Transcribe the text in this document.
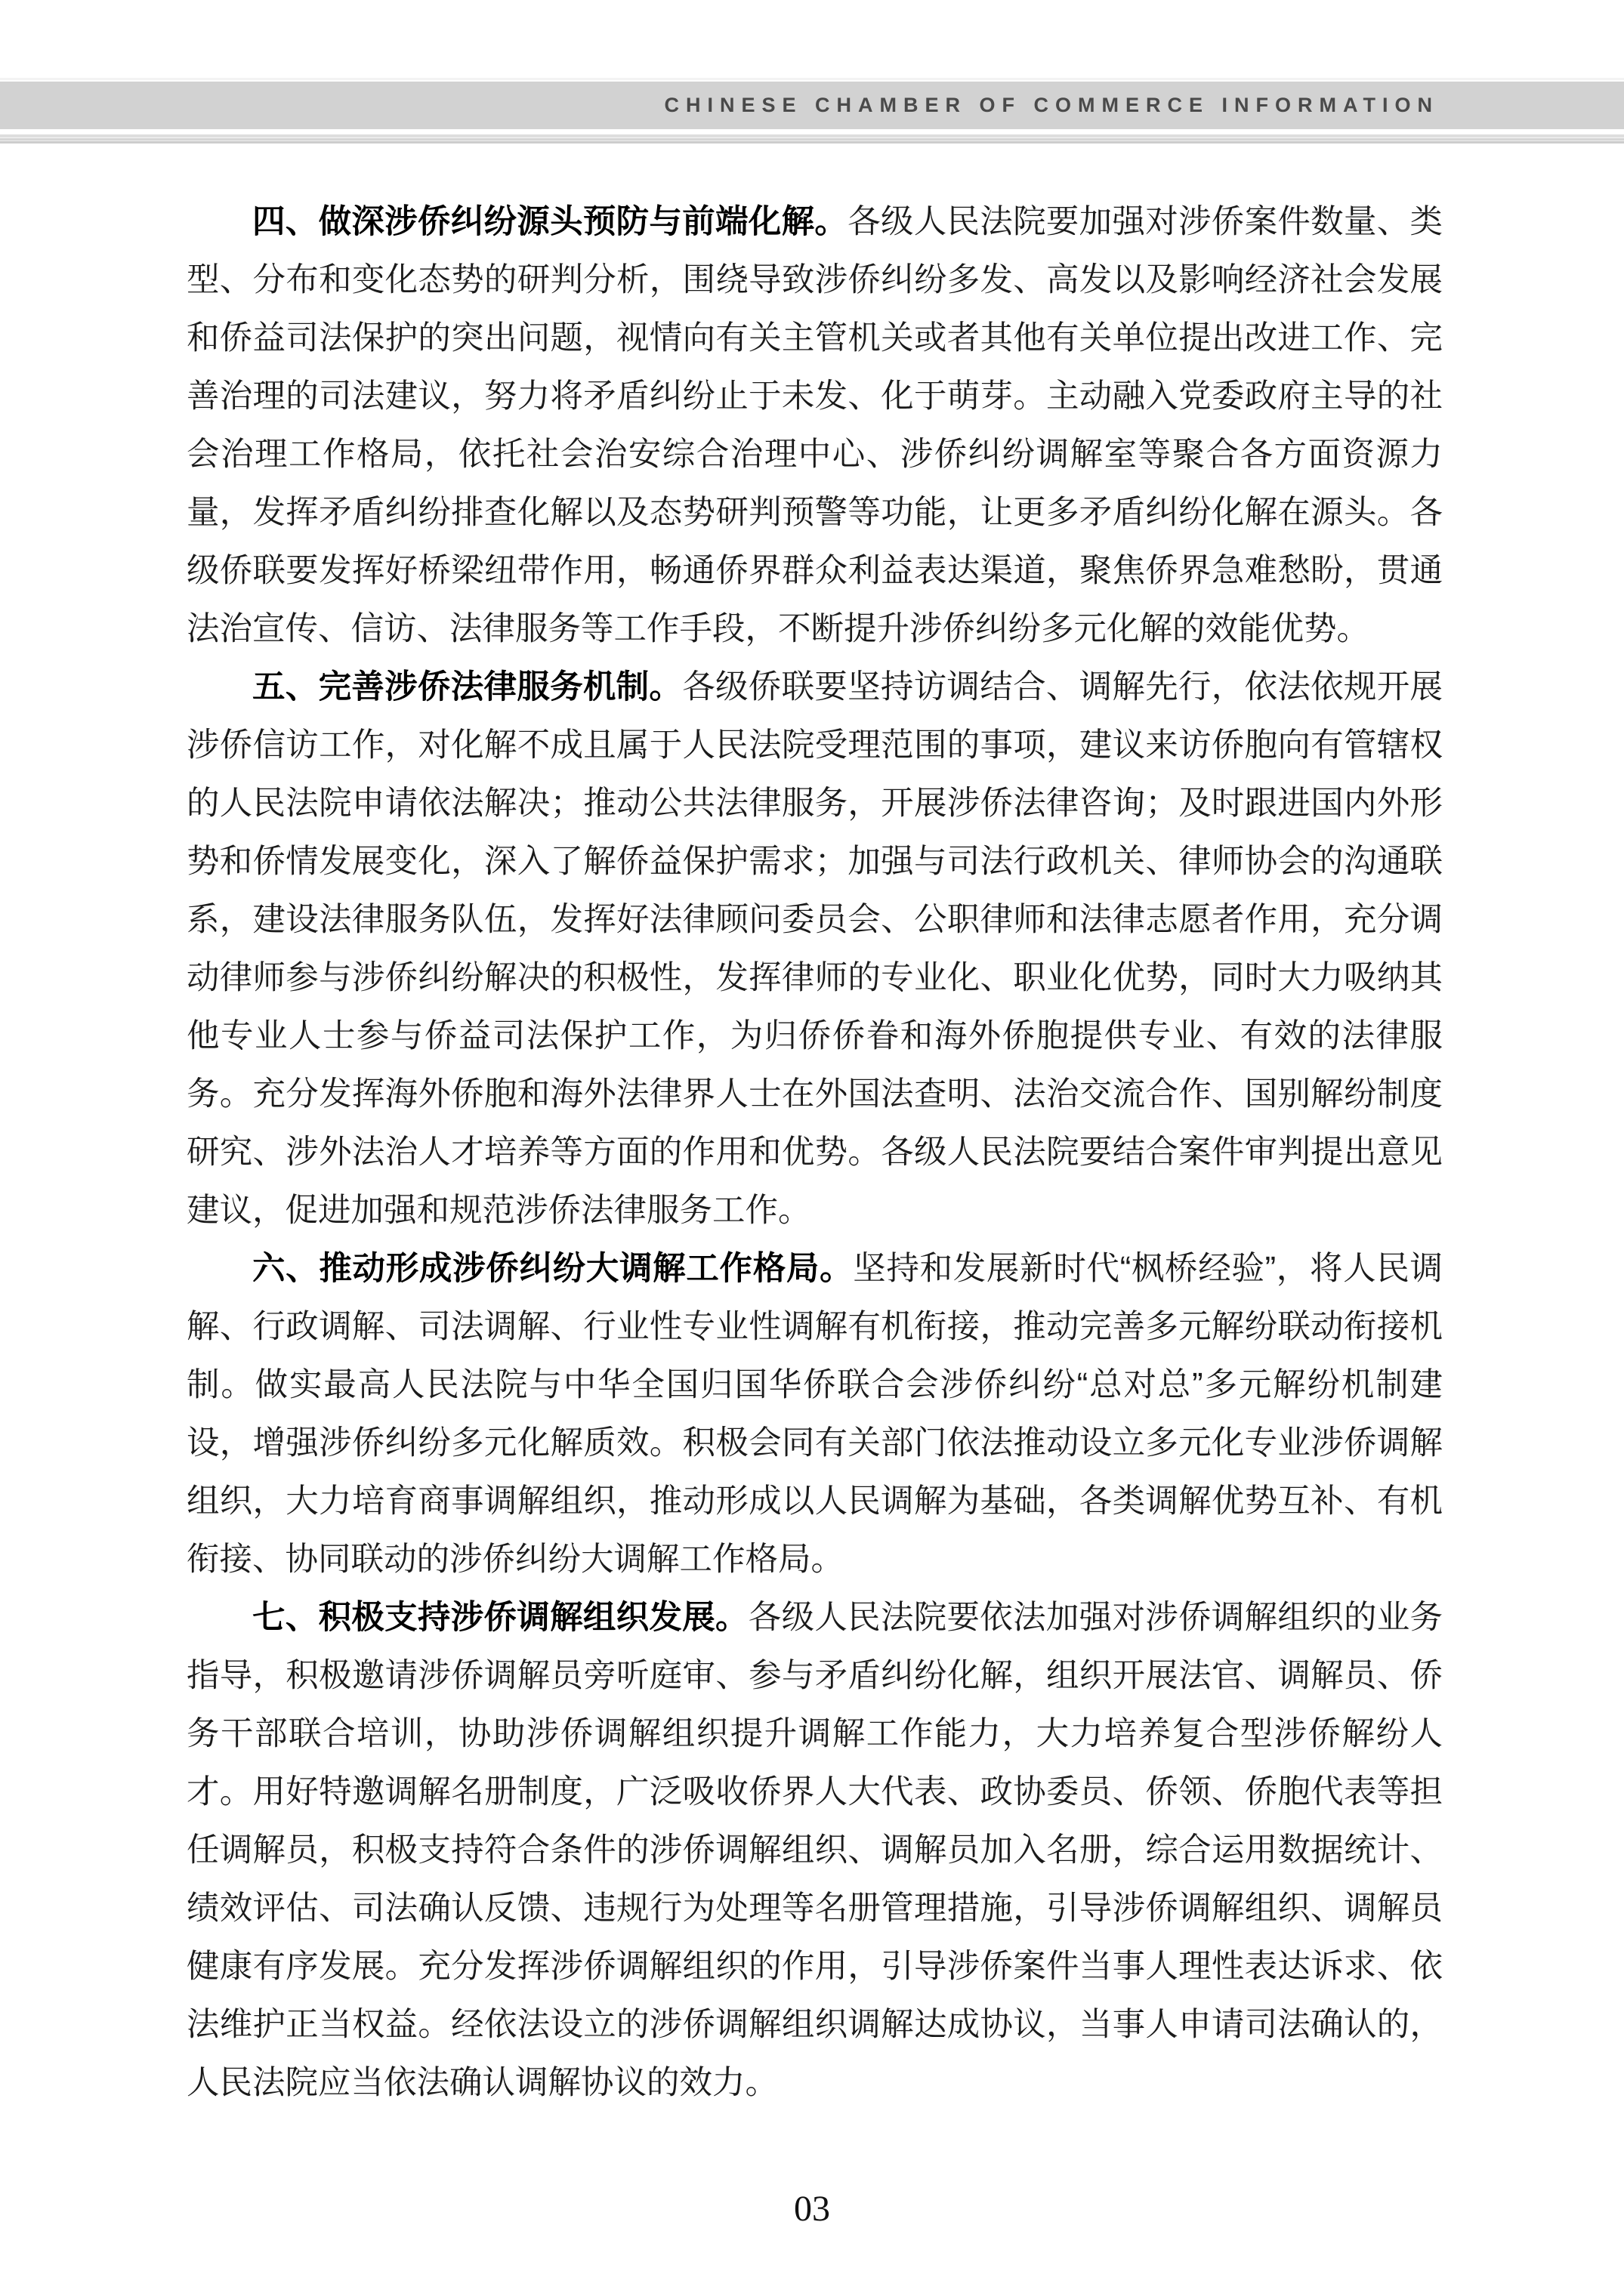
CHINESE CHAMBER OF COMMERCE INFORMATION

四、做深涉侨纠纷源头预防与前端化解。各级人民法院要加强对涉侨案件数量、类型、分布和变化态势的研判分析，围绕导致涉侨纠纷多发、高发以及影响经济社会发展和侨益司法保护的突出问题，视情向有关主管机关或者其他有关单位提出改进工作、完善治理的司法建议，努力将矛盾纠纷止于未发、化于萌芽。主动融入党委政府主导的社会治理工作格局，依托社会治安综合治理中心、涉侨纠纷调解室等聚合各方面资源力量，发挥矛盾纠纷排查化解以及态势研判预警等功能，让更多矛盾纠纷化解在源头。各级侨联要发挥好桥梁纽带作用，畅通侨界群众利益表达渠道，聚焦侨界急难愁盼，贯通法治宣传、信访、法律服务等工作手段，不断提升涉侨纠纷多元化解的效能优势。

五、完善涉侨法律服务机制。各级侨联要坚持访调结合、调解先行，依法依规开展涉侨信访工作，对化解不成且属于人民法院受理范围的事项，建议来访侨胞向有管辖权的人民法院申请依法解决；推动公共法律服务，开展涉侨法律咨询；及时跟进国内外形势和侨情发展变化，深入了解侨益保护需求；加强与司法行政机关、律师协会的沟通联系，建设法律服务队伍，发挥好法律顾问委员会、公职律师和法律志愿者作用，充分调动律师参与涉侨纠纷解决的积极性，发挥律师的专业化、职业化优势，同时大力吸纳其他专业人士参与侨益司法保护工作，为归侨侨眷和海外侨胞提供专业、有效的法律服务。充分发挥海外侨胞和海外法律界人士在外国法查明、法治交流合作、国别解纷制度研究、涉外法治人才培养等方面的作用和优势。各级人民法院要结合案件审判提出意见建议，促进加强和规范涉侨法律服务工作。

六、推动形成涉侨纠纷大调解工作格局。坚持和发展新时代“枫桥经验”，将人民调解、行政调解、司法调解、行业性专业性调解有机衔接，推动完善多元解纷联动衔接机制。做实最高人民法院与中华全国归国华侨联合会涉侨纠纷“总对总”多元解纷机制建设，增强涉侨纠纷多元化解质效。积极会同有关部门依法推动设立多元化专业涉侨调解组织，大力培育商事调解组织，推动形成以人民调解为基础，各类调解优势互补、有机衔接、协同联动的涉侨纠纷大调解工作格局。

七、积极支持涉侨调解组织发展。各级人民法院要依法加强对涉侨调解组织的业务指导，积极邀请涉侨调解员旁听庭审、参与矛盾纠纷化解，组织开展法官、调解员、侨务干部联合培训，协助涉侨调解组织提升调解工作能力，大力培养复合型涉侨解纷人才。用好特邀调解名册制度，广泛吸收侨界人大代表、政协委员、侨领、侨胞代表等担任调解员，积极支持符合条件的涉侨调解组织、调解员加入名册，综合运用数据统计、绩效评估、司法确认反馈、违规行为处理等名册管理措施，引导涉侨调解组织、调解员健康有序发展。充分发挥涉侨调解组织的作用，引导涉侨案件当事人理性表达诉求、依法维护正当权益。经依法设立的涉侨调解组织调解达成协议，当事人申请司法确认的，人民法院应当依法确认调解协议的效力。

03
